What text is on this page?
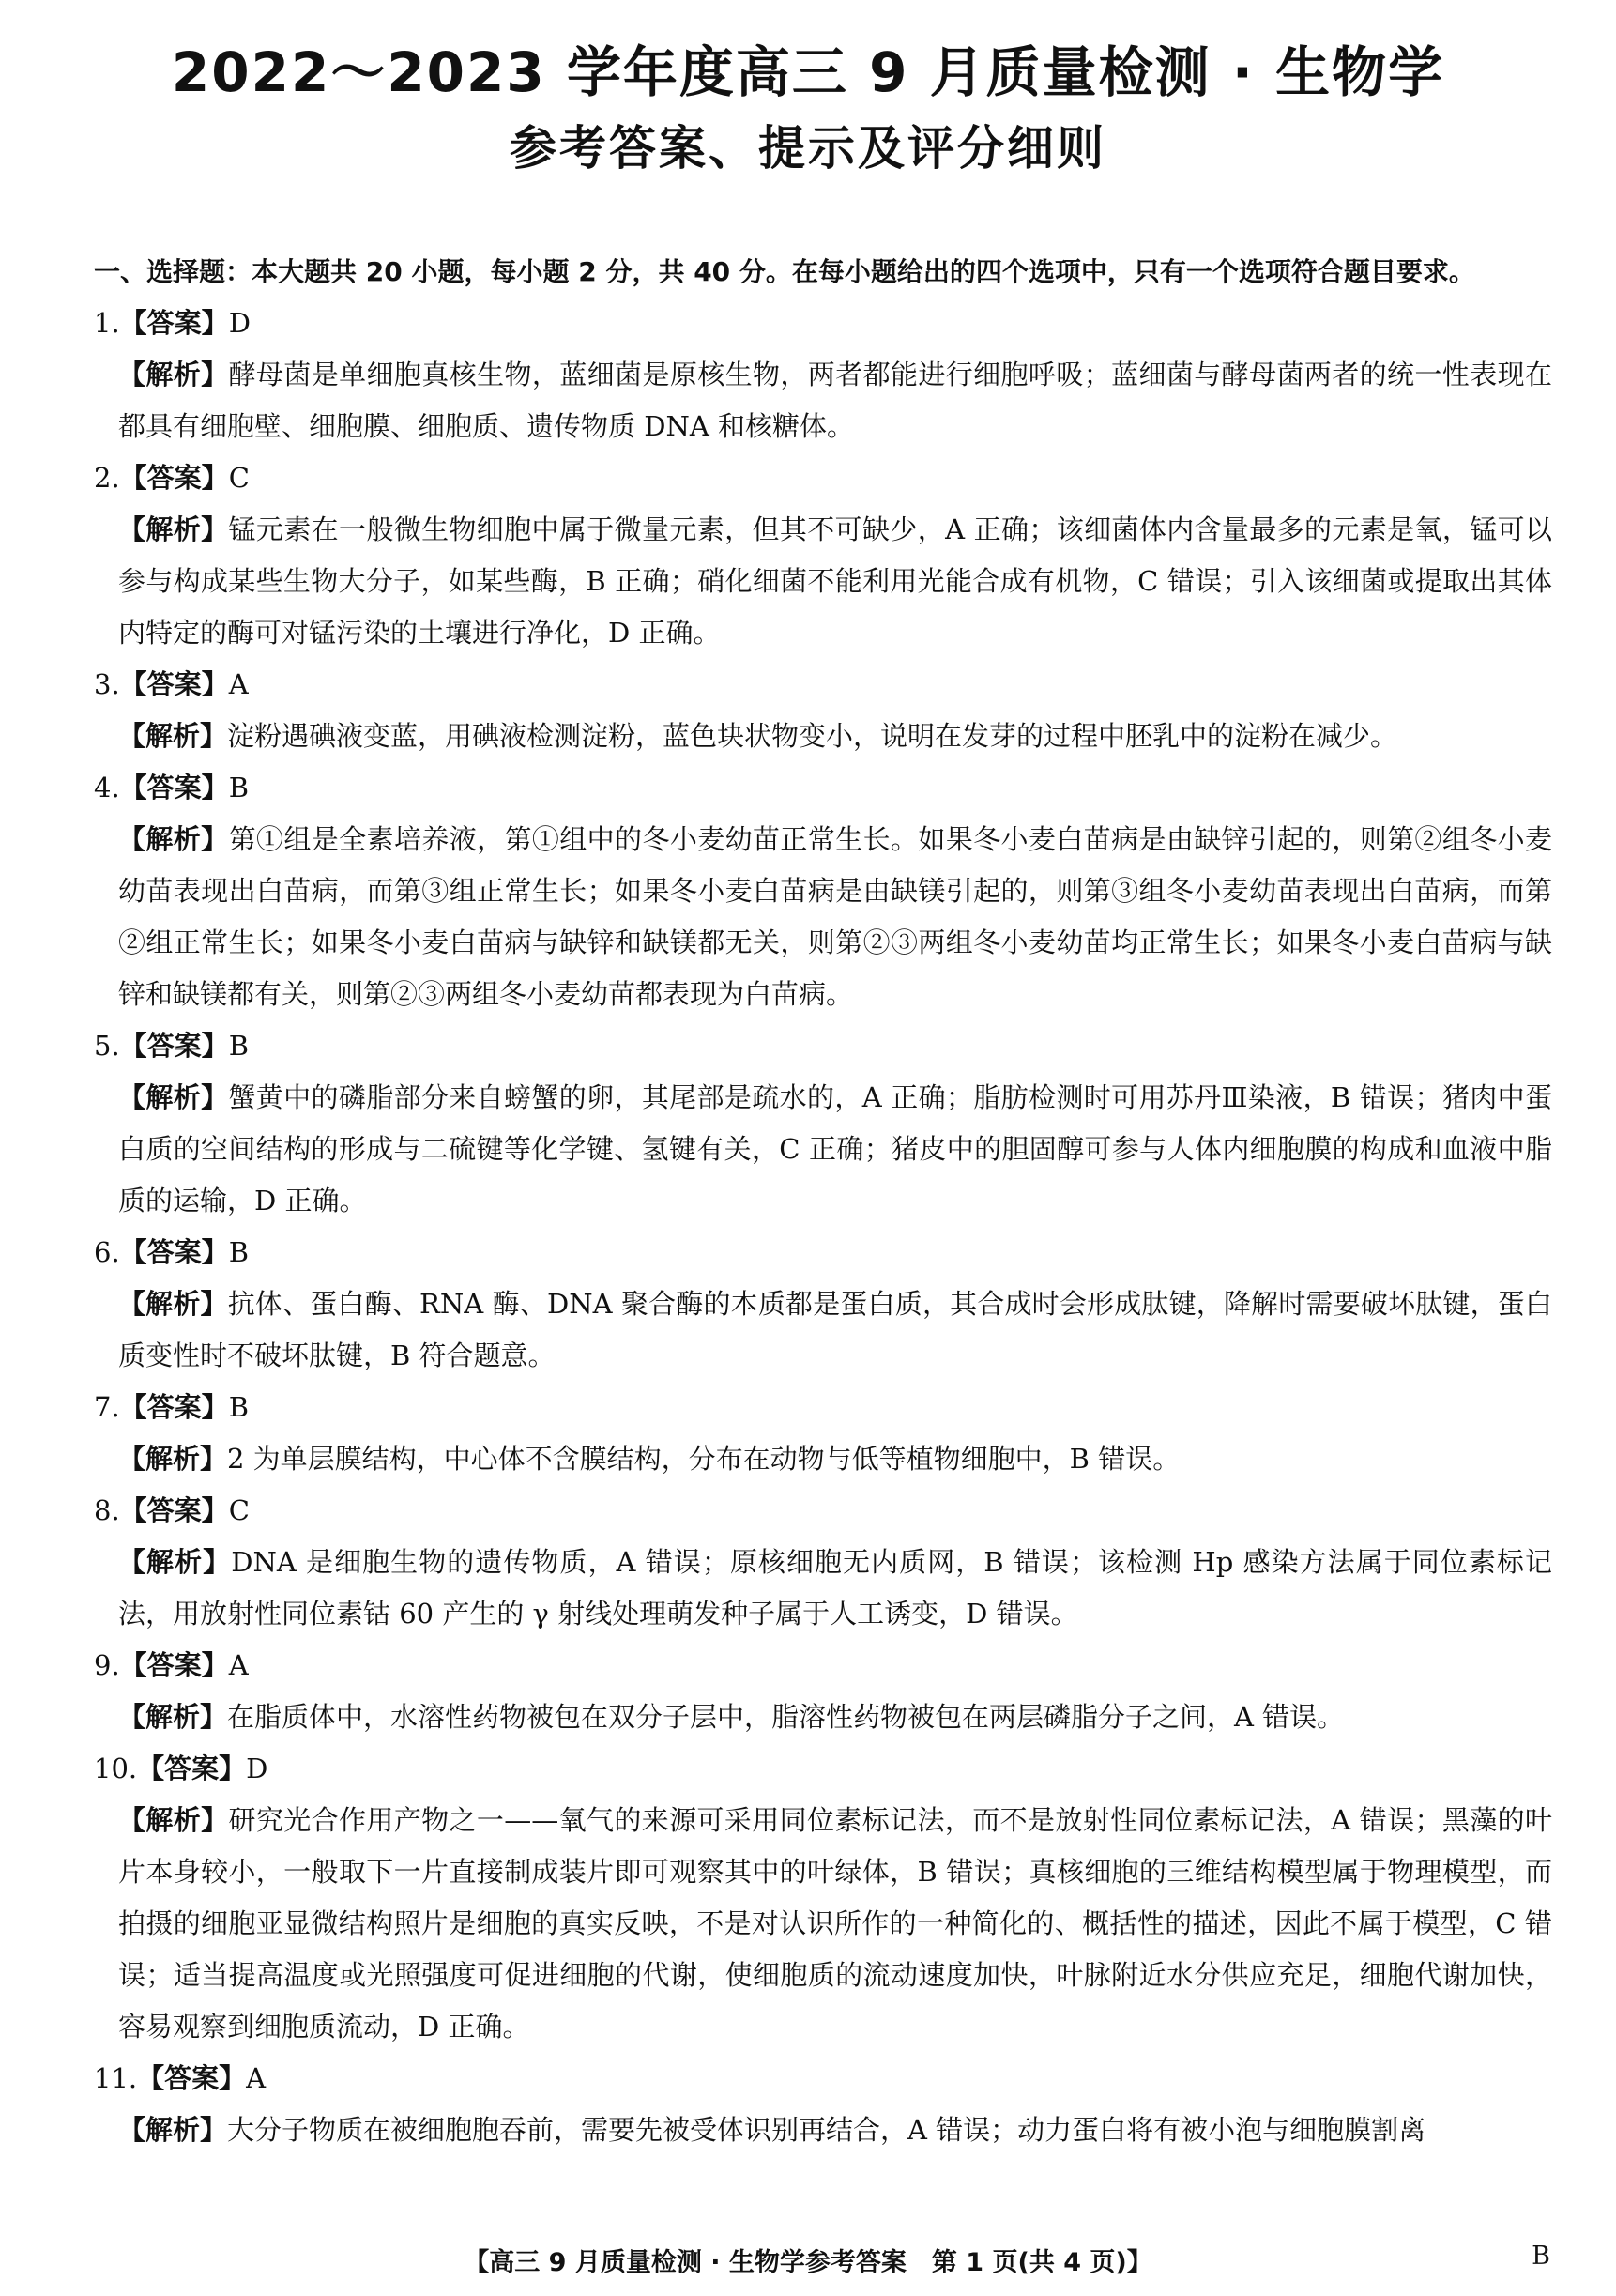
2022～2023 学年度高三 9 月质量检测 · 生物学
参考答案、提示及评分细则

一、选择题：本大题共 20 小题，每小题 2 分，共 40 分。在每小题给出的四个选项中，只有一个选项符合题目要求。

1.【答案】D

【解析】酵母菌是单细胞真核生物，蓝细菌是原核生物，两者都能进行细胞呼吸；蓝细菌与酵母菌两者的统一性表现在都具有细胞壁、细胞膜、细胞质、遗传物质 DNA 和核糖体。

2.【答案】C

【解析】锰元素在一般微生物细胞中属于微量元素，但其不可缺少，A 正确；该细菌体内含量最多的元素是氧，锰可以参与构成某些生物大分子，如某些酶，B 正确；硝化细菌不能利用光能合成有机物，C 错误；引入该细菌或提取出其体内特定的酶可对锰污染的土壤进行净化，D 正确。

3.【答案】A

【解析】淀粉遇碘液变蓝，用碘液检测淀粉，蓝色块状物变小，说明在发芽的过程中胚乳中的淀粉在减少。

4.【答案】B

【解析】第①组是全素培养液，第①组中的冬小麦幼苗正常生长。如果冬小麦白苗病是由缺锌引起的，则第②组冬小麦幼苗表现出白苗病，而第③组正常生长；如果冬小麦白苗病是由缺镁引起的，则第③组冬小麦幼苗表现出白苗病，而第②组正常生长；如果冬小麦白苗病与缺锌和缺镁都无关，则第②③两组冬小麦幼苗均正常生长；如果冬小麦白苗病与缺锌和缺镁都有关，则第②③两组冬小麦幼苗都表现为白苗病。

5.【答案】B

【解析】蟹黄中的磷脂部分来自螃蟹的卵，其尾部是疏水的，A 正确；脂肪检测时可用苏丹Ⅲ染液，B 错误；猪肉中蛋白质的空间结构的形成与二硫键等化学键、氢键有关，C 正确；猪皮中的胆固醇可参与人体内细胞膜的构成和血液中脂质的运输，D 正确。

6.【答案】B

【解析】抗体、蛋白酶、RNA 酶、DNA 聚合酶的本质都是蛋白质，其合成时会形成肽键，降解时需要破坏肽键，蛋白质变性时不破坏肽键，B 符合题意。

7.【答案】B

【解析】2 为单层膜结构，中心体不含膜结构，分布在动物与低等植物细胞中，B 错误。

8.【答案】C

【解析】DNA 是细胞生物的遗传物质，A 错误；原核细胞无内质网，B 错误；该检测 Hp 感染方法属于同位素标记法，用放射性同位素钴 60 产生的 γ 射线处理萌发种子属于人工诱变，D 错误。

9.【答案】A

【解析】在脂质体中，水溶性药物被包在双分子层中，脂溶性药物被包在两层磷脂分子之间，A 错误。

10.【答案】D

【解析】研究光合作用产物之一——氧气的来源可采用同位素标记法，而不是放射性同位素标记法，A 错误；黑藻的叶片本身较小，一般取下一片直接制成装片即可观察其中的叶绿体，B 错误；真核细胞的三维结构模型属于物理模型，而拍摄的细胞亚显微结构照片是细胞的真实反映，不是对认识所作的一种简化的、概括性的描述，因此不属于模型，C 错误；适当提高温度或光照强度可促进细胞的代谢，使细胞质的流动速度加快，叶脉附近水分供应充足，细胞代谢加快，容易观察到细胞质流动，D 正确。

11.【答案】A

【解析】大分子物质在被细胞胞吞前，需要先被受体识别再结合，A 错误；动力蛋白将有被小泡与细胞膜割离

【高三 9 月质量检测 · 生物学参考答案　第 1 页(共 4 页)】	B
